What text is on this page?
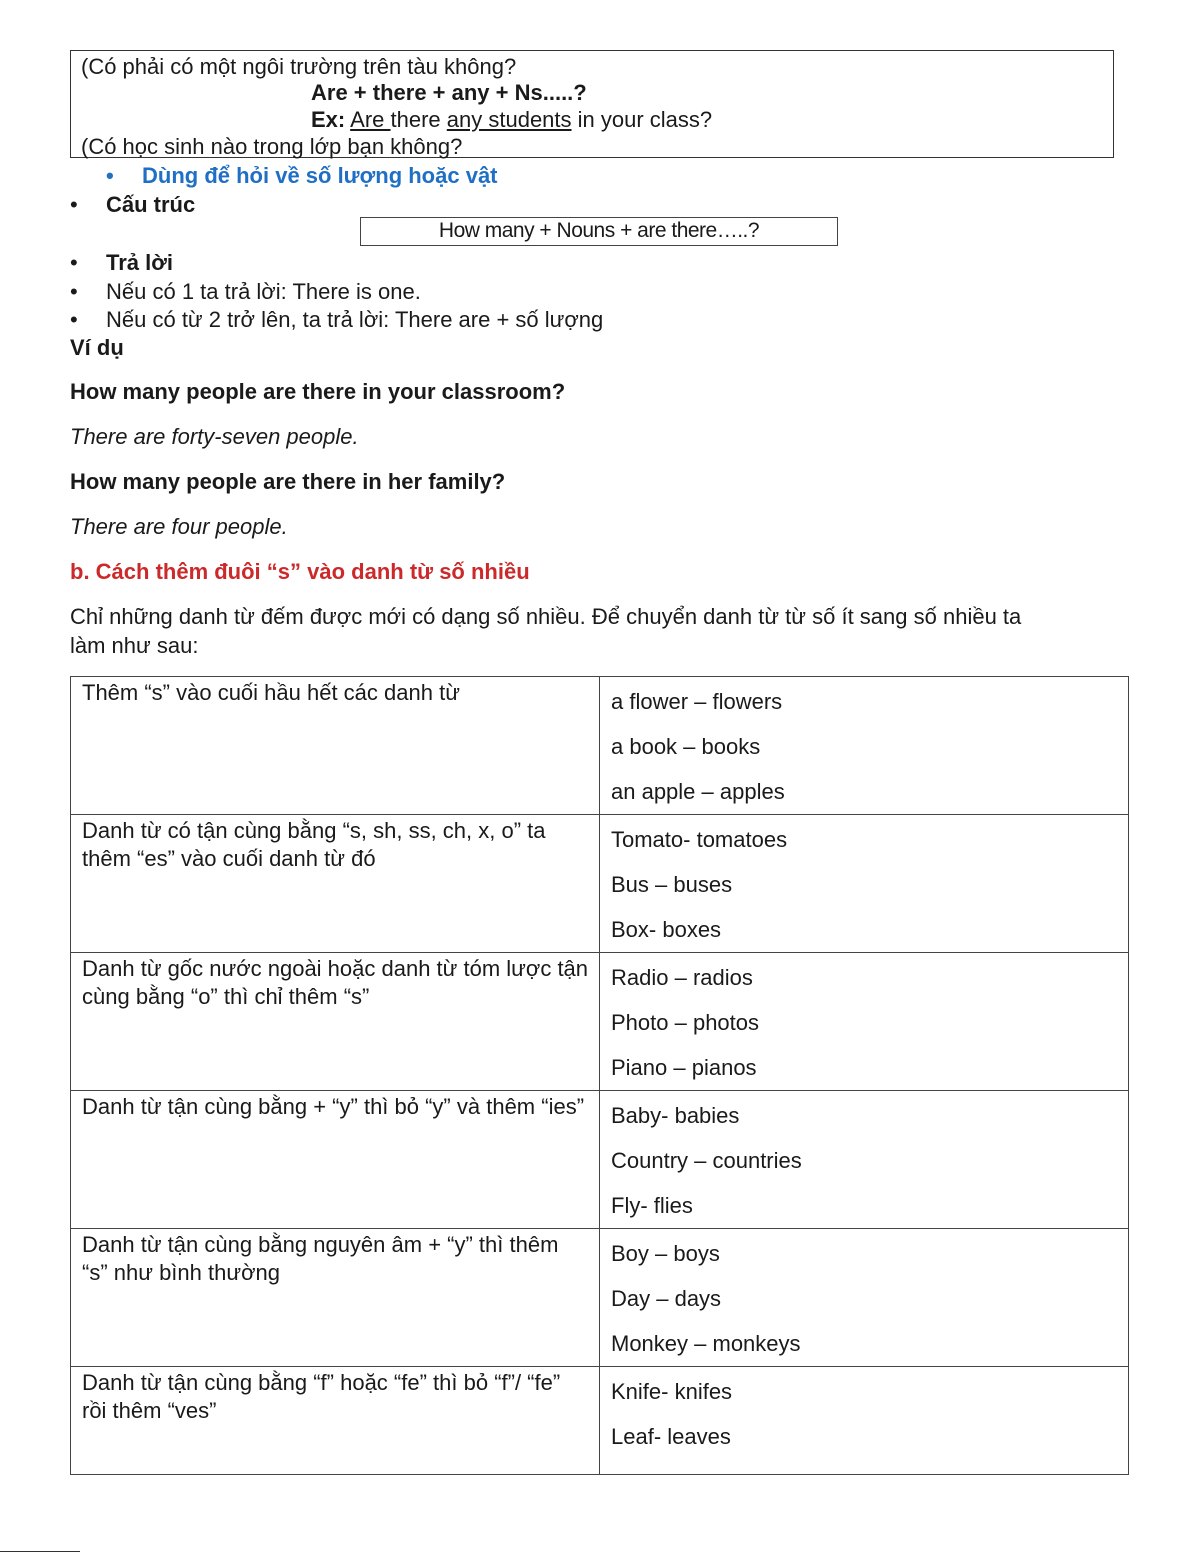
(Có phải có một ngôi trường trên tàu không?
Are + there + any + Ns.....?
Ex: Are there any students in your class?
(Có học sinh nào trong lớp bạn không?
• Dùng để hỏi về số lượng hoặc vật
• Cấu trúc
How many + Nouns + are there…..?
• Trả lời
• Nếu có 1 ta trả lời: There is one.
• Nếu có từ 2 trở lên, ta trả lời: There are + số lượng
Ví dụ
How many people are there in your classroom?
There are forty-seven people.
How many people are there in her family?
There are four people.
b. Cách thêm đuôi “s” vào danh từ số nhiều
Chỉ những danh từ đếm được mới có dạng số nhiều. Để chuyển danh từ từ số ít sang số nhiều ta
làm như sau:
Thêm “s” vào cuối hầu hết các danh từ	a flower – flowers
a book – books
an apple – apples

Danh từ có tận cùng bằng “s, sh, ss, ch, x, o” ta thêm “es” vào cuối danh từ đó	Tomato- tomatoes
Bus – buses
Box- boxes

Danh từ gốc nước ngoài hoặc danh từ tóm lược tận cùng bằng “o” thì chỉ thêm “s”	Radio – radios
Photo – photos
Piano – pianos

Danh từ tận cùng bằng + “y” thì bỏ “y” và thêm “ies”	Baby- babies
Country – countries
Fly- flies

Danh từ tận cùng bằng nguyên âm + “y” thì thêm “s” như bình thường	Boy – boys
Day – days
Monkey – monkeys

Danh từ tận cùng bằng “f” hoặc “fe” thì bỏ “f”/ “fe” rồi thêm “ves”	Knife- knifes
Leaf- leaves
